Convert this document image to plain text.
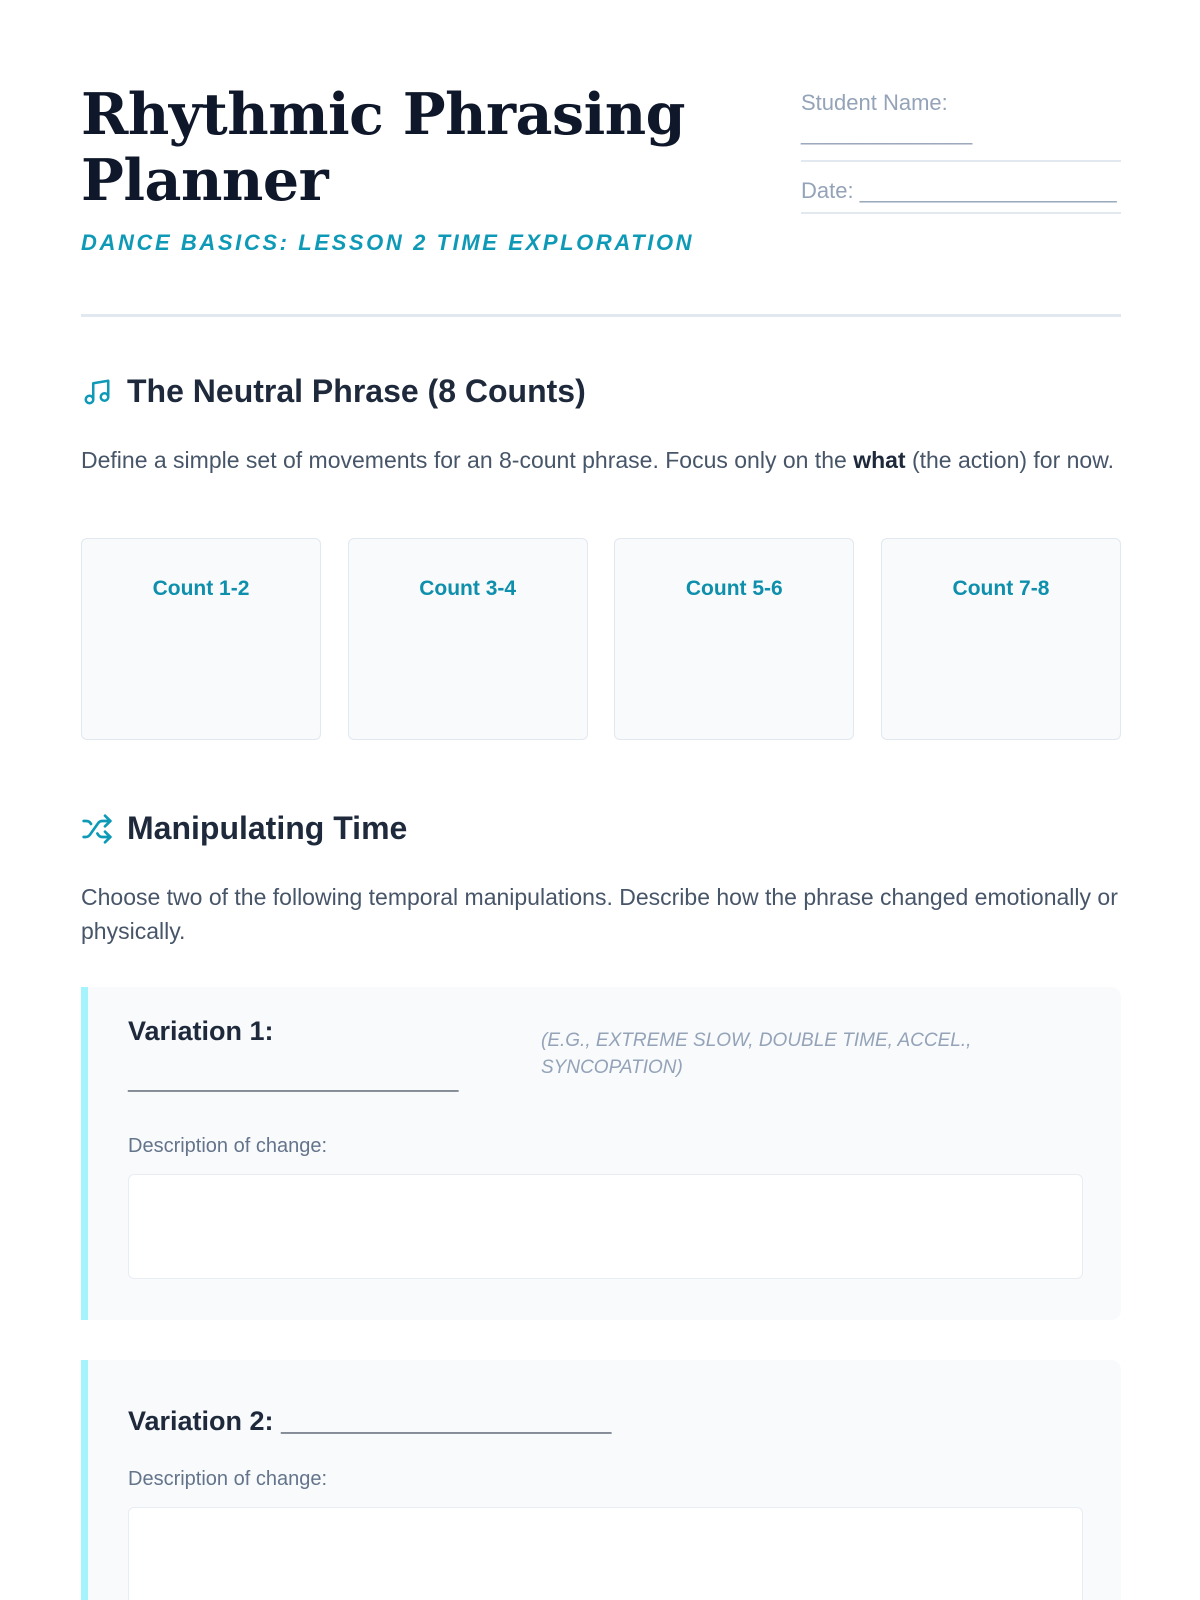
Rhythmic Phrasing Planner
DANCE BASICS: LESSON 2 TIME EXPLORATION
Student Name: ______________
Date: _____________________
The Neutral Phrase (8 Counts)

Define a simple set of movements for an 8-count phrase. Focus only on the what (the action) for now.

Count 1-2	Count 3-4	Count 5-6	Count 7-8
Manipulating Time

Choose two of the following temporal manipulations. Describe how the phrase changed emotionally or physically.

Variation 1: ______________________
(E.G., EXTREME SLOW, DOUBLE TIME, ACCEL., SYNCOPATION)
Description of change:
Variation 2: ______________________
Description of change:
